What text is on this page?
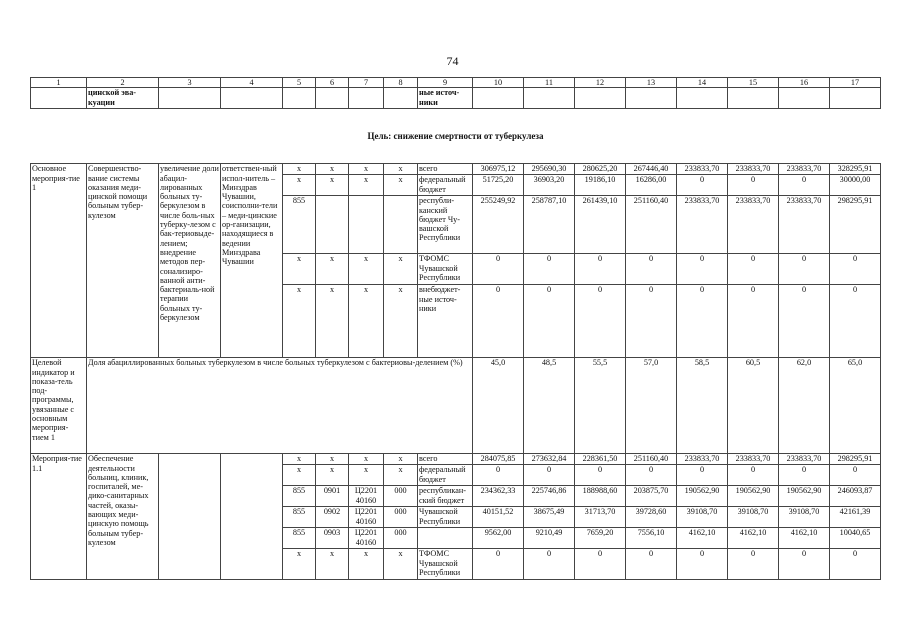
74
1	2	3	4	5	6	7	8	9	10	11	12	13	14	15	16	17
	цинской эва- куации							ные источ- ники								
Цель: снижение смертности от туберкулеза																
Основное мероприя-тие 1	Совершенство-вание системы оказания меди-цинской помощи больным тубер-кулезом	увеличение доли абацил-лированных больных ту-беркулезом в числе боль-ных туберку-лезом с бак-териовыде-лением; внедрение методов пер-сонализиро-ванной анти-бактериаль-ной терапии больных ту-беркулезом	ответствен-ный испол-нитель – Минздрав Чувашии, соисполни-тели – меди-цинские ор-ганизации, находящиеся в ведении Минздрава Чувашии	x	x	x	x	всего	306975,12	295690,30	280625,20	267446,40	233833,70	233833,70	233833,70	328295,91
				x	x	x	x	федеральный бюджет	51725,20	36903,20	19186,10	16286,00	0	0	0	30000,00
				855				республи-канский бюджет Чу-вашской Республики	255249,92	258787,10	261439,10	251160,40	233833,70	233833,70	233833,70	298295,91
				x	x	x	x	ТФОМС Чувашской Республики	0	0	0	0	0	0	0	0
				x	x	x	x	внебюджет-ные источ-ники	0	0	0	0	0	0	0	0
Целевой индикатор и показа-тель под-программы, увязанные с основным мероприя-тием 1	Доля абациллированных больных туберкулезом в числе больных туберкулезом с бактериовы-делением (%)								45,0	48,5	55,5	57,0	58,5	60,5	62,0	65,0
Мероприя-тие 1.1	Обеспечение деятельности больниц, клиник, госпиталей, ме-дико-санитарных частей, оказы-вающих меди-цинскую помощь больным тубер-кулезом			x	x	x	x	всего	284075,85	273632,84	228361,50	251160,40	233833,70	233833,70	233833,70	298295,91
				x	x	x	x	федеральный бюджет	0	0	0	0	0	0	0	0
				855	0901	Ц2201 40160	000	республикан-ский бюджет	234362,33	225746,86	188988,60	203875,70	190562,90	190562,90	190562,90	246093,87
				855	0902	Ц2201 40160	000	Чувашской Республики	40151,52	38675,49	31713,70	39728,60	39108,70	39108,70	39108,70	42161,39
				855	0903	Ц2201 40160	000		9562,00	9210,49	7659,20	7556,10	4162,10	4162,10	4162,10	10040,65
				x	x	x	x	ТФОМС Чувашской Республики	0	0	0	0	0	0	0	0
